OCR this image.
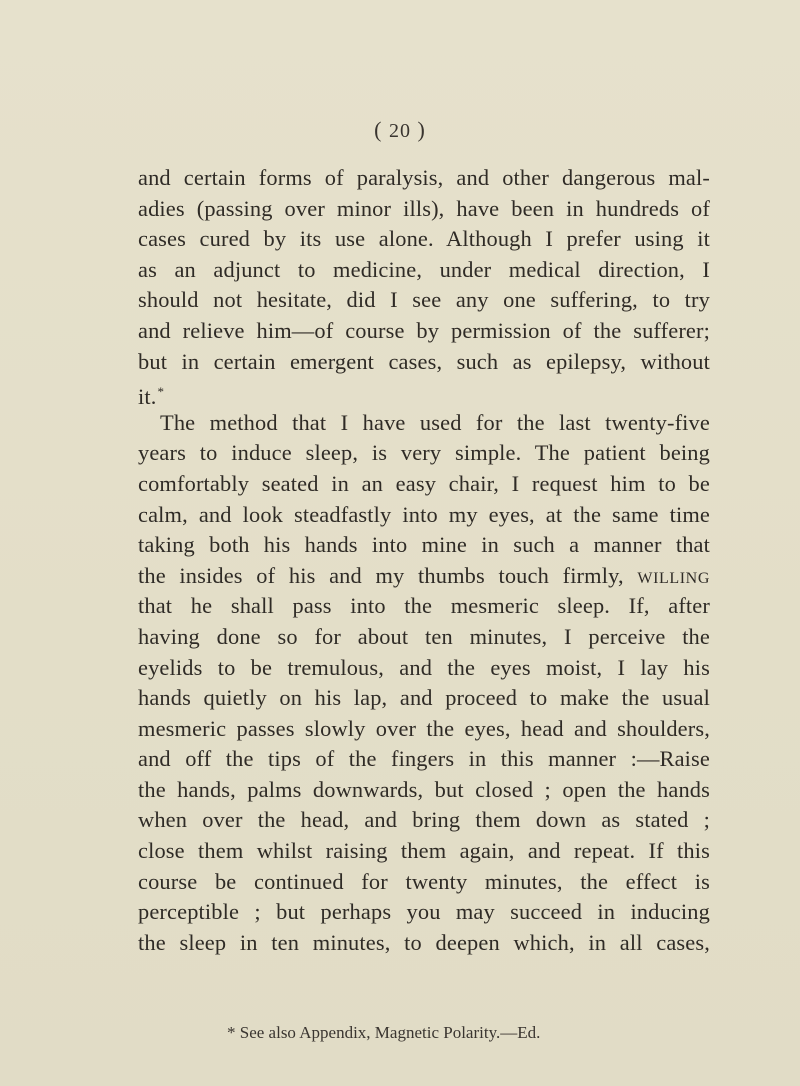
( 20 )
and certain forms of paralysis, and other dangerous mal-
adies (passing over minor ills), have been in hundreds of
cases cured by its use alone. Although I prefer using it
as an adjunct to medicine, under medical direction, I
should not hesitate, did I see any one suffering, to try
and relieve him—of course by permission of the sufferer;
but in certain emergent cases, such as epilepsy, without
it.*
The method that I have used for the last twenty-five
years to induce sleep, is very simple. The patient being
comfortably seated in an easy chair, I request him to be
calm, and look steadfastly into my eyes, at the same time
taking both his hands into mine in such a manner that
the insides of his and my thumbs touch firmly, willing
that he shall pass into the mesmeric sleep. If, after
having done so for about ten minutes, I perceive the
eyelids to be tremulous, and the eyes moist, I lay his
hands quietly on his lap, and proceed to make the usual
mesmeric passes slowly over the eyes, head and shoulders,
and off the tips of the fingers in this manner :—Raise
the hands, palms downwards, but closed ; open the hands
when over the head, and bring them down as stated ;
close them whilst raising them again, and repeat. If this
course be continued for twenty minutes, the effect is
perceptible ; but perhaps you may succeed in inducing
the sleep in ten minutes, to deepen which, in all cases,
* See also Appendix, Magnetic Polarity.—Ed.
